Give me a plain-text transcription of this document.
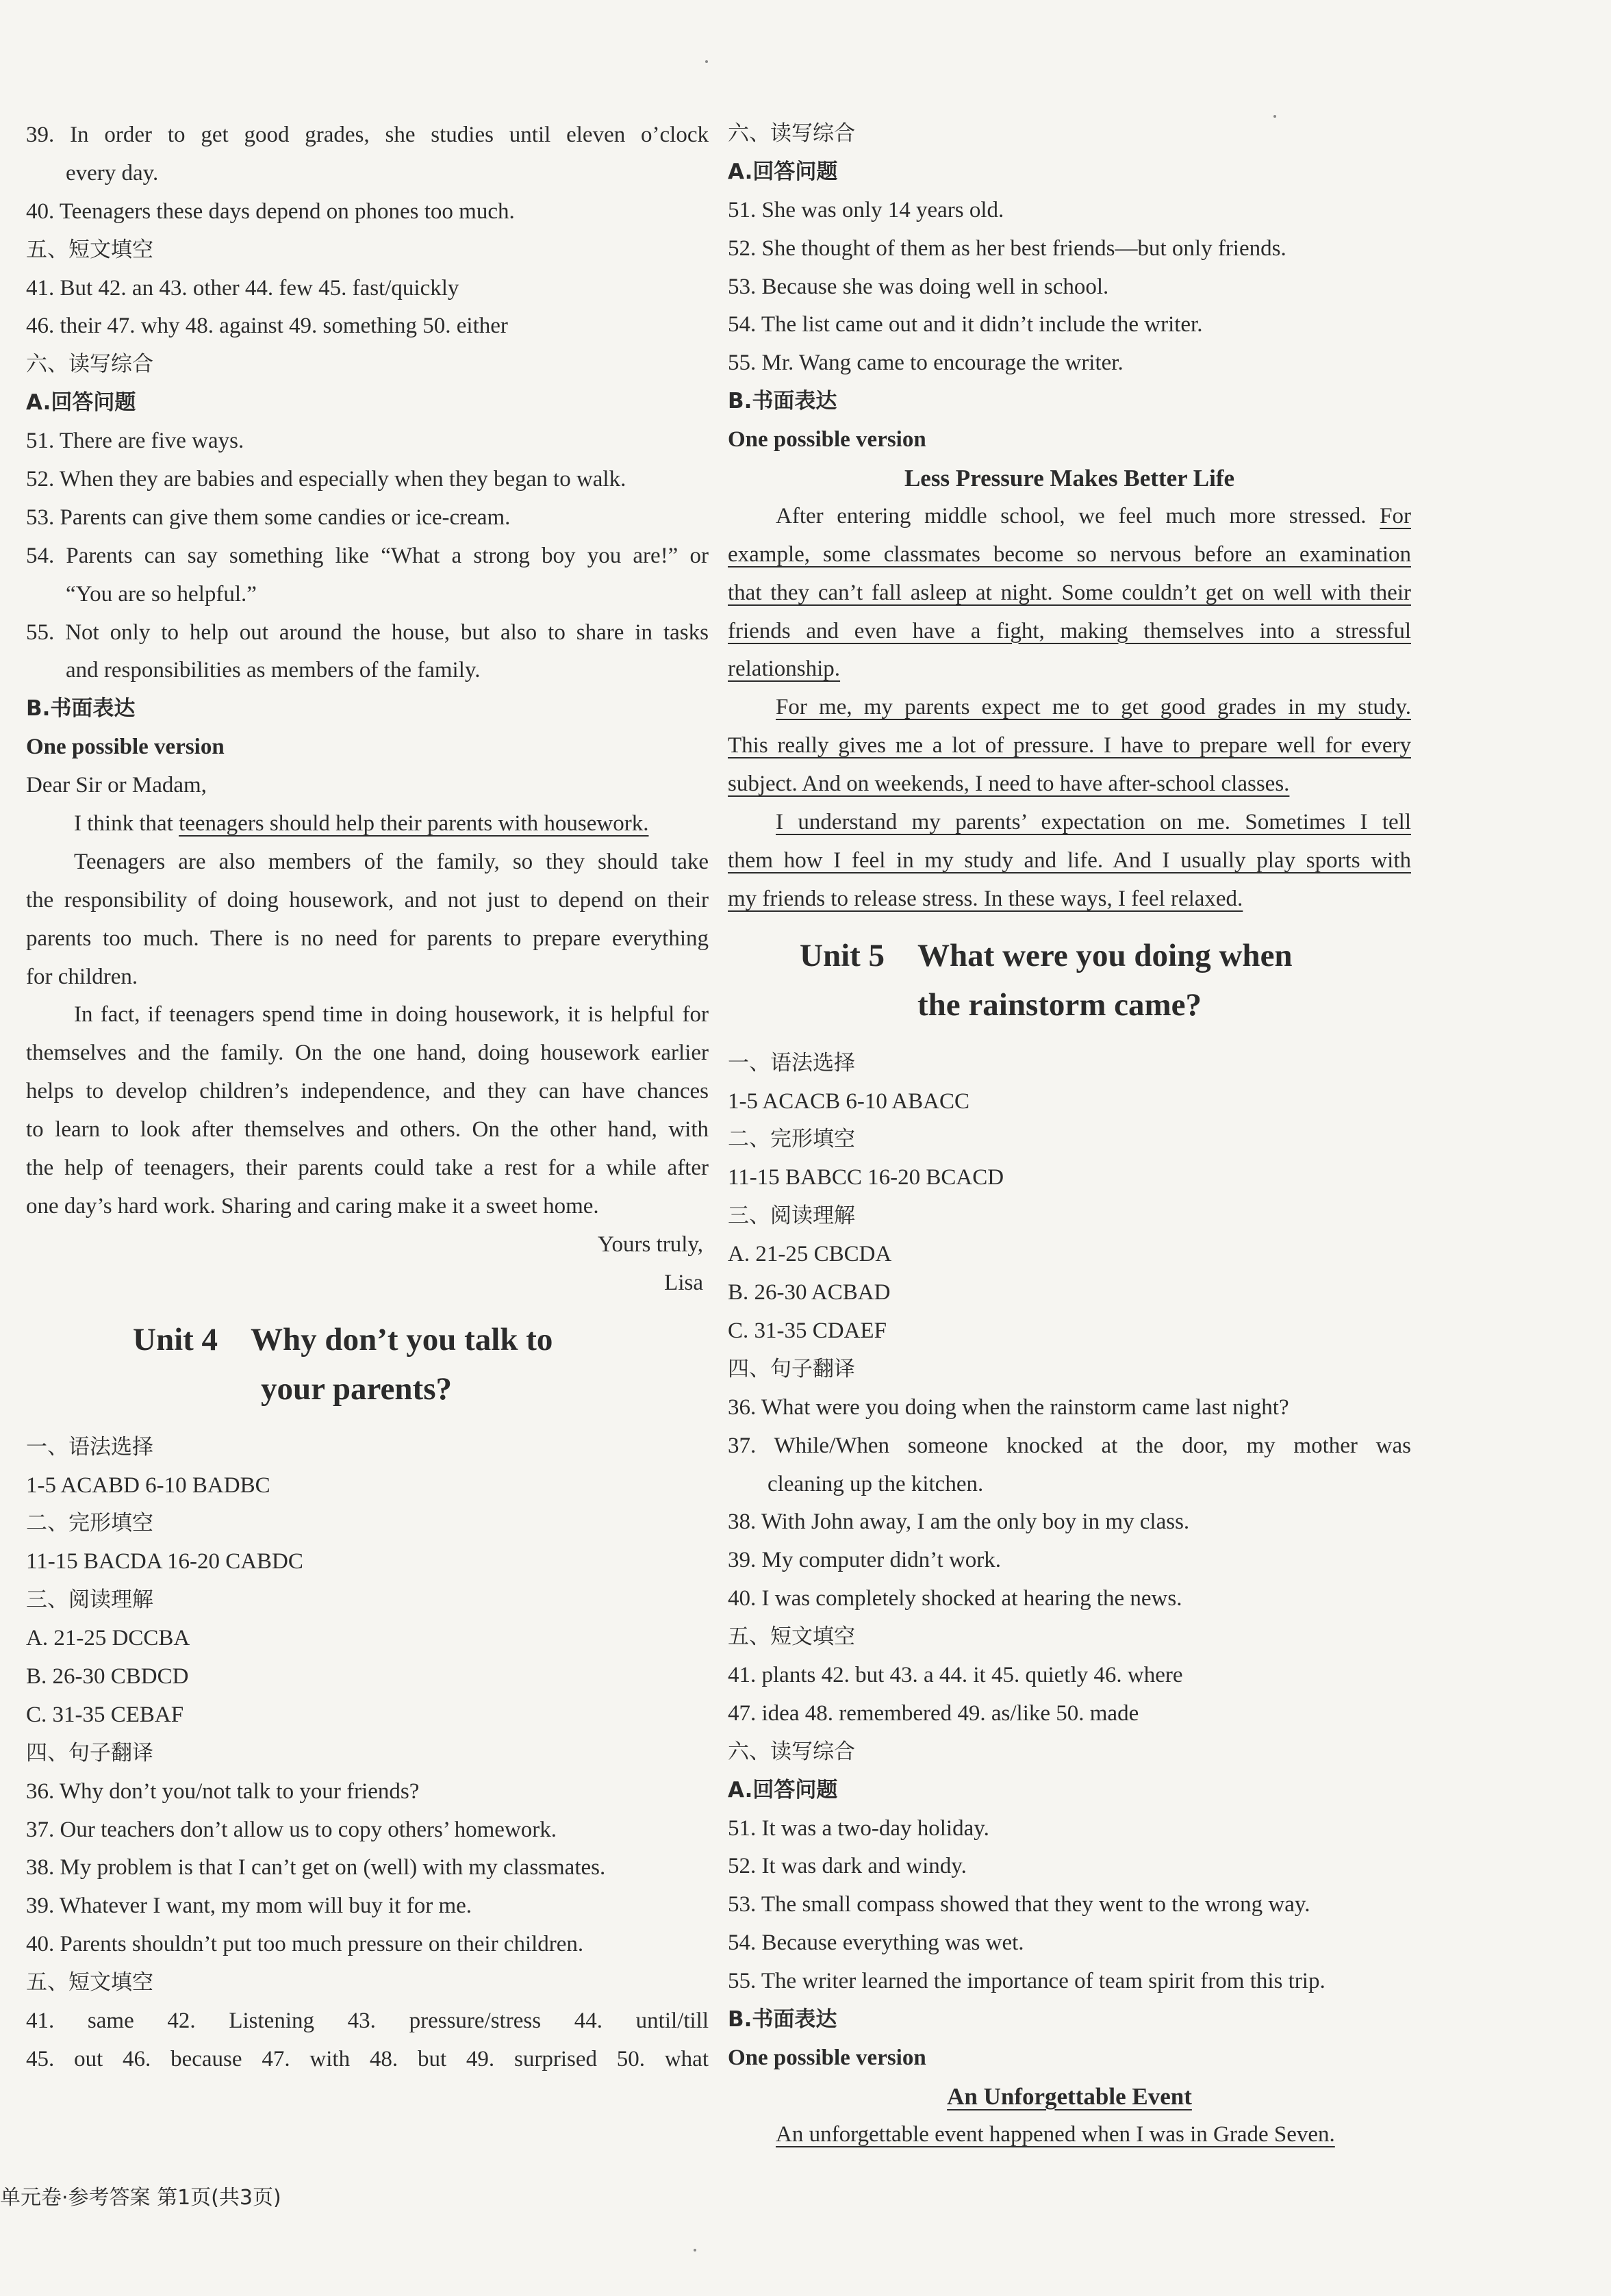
39. In order to get good grades, she studies until eleven o’clock
every day.
40. Teenagers these days depend on phones too much.
五、短文填空
41. But 42. an 43. other 44. few 45. fast/quickly
46. their 47. why 48. against 49. something 50. either
六、读写综合
A.回答问题
51. There are five ways.
52. When they are babies and especially when they began to walk.
53. Parents can give them some candies or ice-cream.
54. Parents can say something like “What a strong boy you are!” or
“You are so helpful.”
55. Not only to help out around the house, but also to share in tasks
and responsibilities as members of the family.
B.书面表达
One possible version
Dear Sir or Madam,
I think that teenagers should help their parents with housework.
Teenagers are also members of the family, so they should take
the responsibility of doing housework, and not just to depend on their
parents too much. There is no need for parents to prepare everything
for children.
In fact, if teenagers spend time in doing housework, it is helpful for
themselves and the family. On the one hand, doing housework earlier
helps to develop children’s independence, and they can have chances
to learn to look after themselves and others. On the other hand, with
the help of teenagers, their parents could take a rest for a while after
one day’s hard work. Sharing and caring make it a sweet home.
Yours truly,
Lisa
Unit 4 Why don’t you talk to
your parents?
一、语法选择
1-5 ACABD 6-10 BADBC
二、完形填空
11-15 BACDA 16-20 CABDC
三、阅读理解
A. 21-25 DCCBA
B. 26-30 CBDCD
C. 31-35 CEBAF
四、句子翻译
36. Why don’t you/not talk to your friends?
37. Our teachers don’t allow us to copy others’ homework.
38. My problem is that I can’t get on (well) with my classmates.
39. Whatever I want, my mom will buy it for me.
40. Parents shouldn’t put too much pressure on their children.
五、短文填空
41. same 42. Listening 43. pressure/stress 44. until/till
45. out 46. because 47. with 48. but 49. surprised 50. what
六、读写综合
A.回答问题
51. She was only 14 years old.
52. She thought of them as her best friends—but only friends.
53. Because she was doing well in school.
54. The list came out and it didn’t include the writer.
55. Mr. Wang came to encourage the writer.
B.书面表达
One possible version
Less Pressure Makes Better Life
After entering middle school, we feel much more stressed. For
example, some classmates become so nervous before an examination
that they can’t fall asleep at night. Some couldn’t get on well with their
friends and even have a fight, making themselves into a stressful
relationship.
For me, my parents expect me to get good grades in my study.
This really gives me a lot of pressure. I have to prepare well for every
subject. And on weekends, I need to have after-school classes.
I understand my parents’ expectation on me. Sometimes I tell
them how I feel in my study and life. And I usually play sports with
my friends to release stress. In these ways, I feel relaxed.
Unit 5 What were you doing when
the rainstorm came?
一、语法选择
1-5 ACACB 6-10 ABACC
二、完形填空
11-15 BABCC 16-20 BCACD
三、阅读理解
A. 21-25 CBCDA
B. 26-30 ACBAD
C. 31-35 CDAEF
四、句子翻译
36. What were you doing when the rainstorm came last night?
37. While/When someone knocked at the door, my mother was
cleaning up the kitchen.
38. With John away, I am the only boy in my class.
39. My computer didn’t work.
40. I was completely shocked at hearing the news.
五、短文填空
41. plants 42. but 43. a 44. it 45. quietly 46. where
47. idea 48. remembered 49. as/like 50. made
六、读写综合
A.回答问题
51. It was a two-day holiday.
52. It was dark and windy.
53. The small compass showed that they went to the wrong way.
54. Because everything was wet.
55. The writer learned the importance of team spirit from this trip.
B.书面表达
One possible version
An Unforgettable Event
An unforgettable event happened when I was in Grade Seven.
单元卷·参考答案 第1页(共3页)
